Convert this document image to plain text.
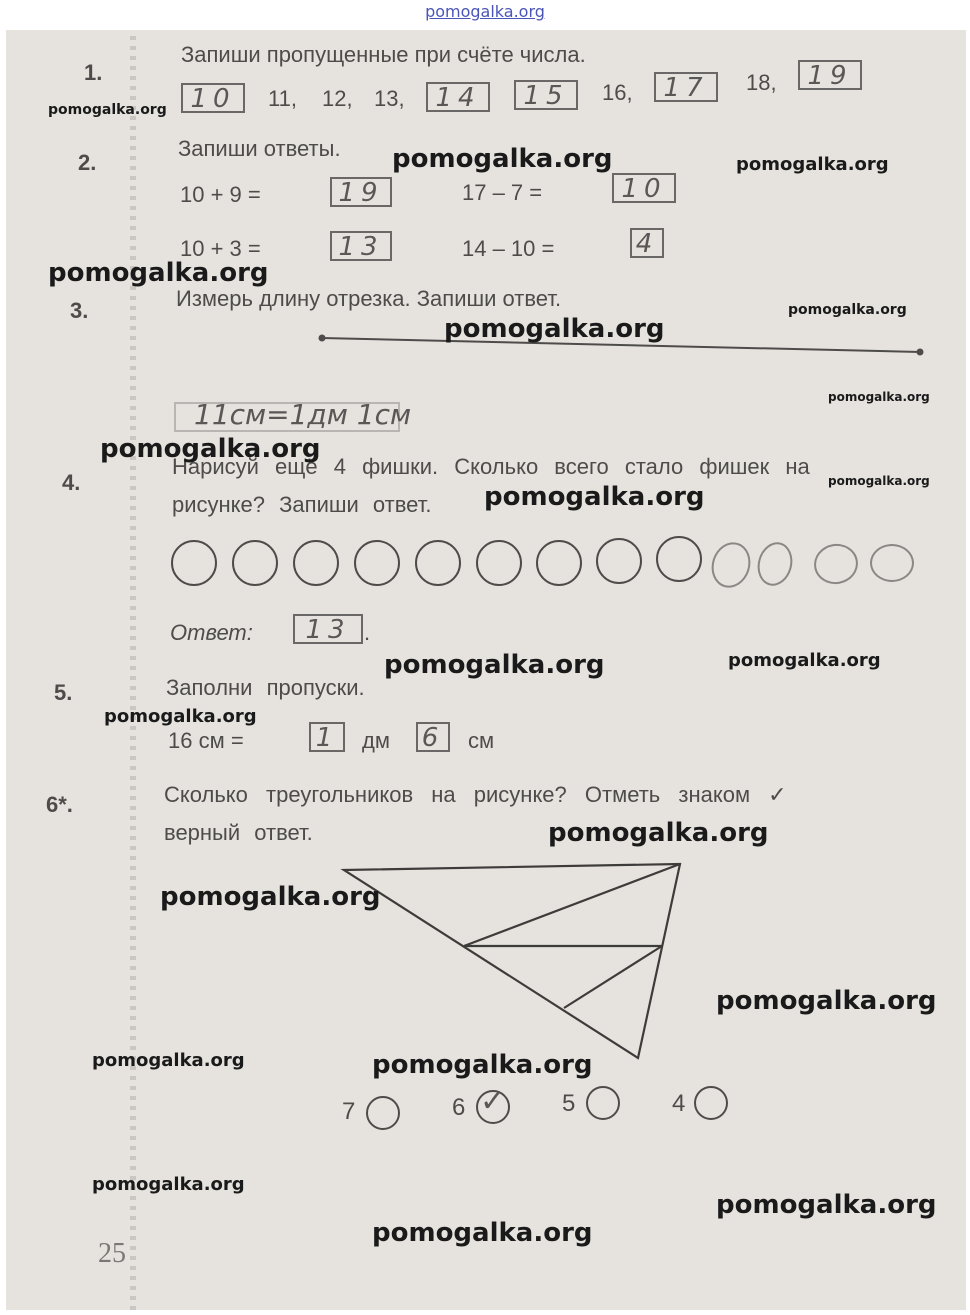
pomogalka.org
1.
Запиши пропущенные при счёте числа.
10	11, 12, 13,	14	15	16,	17	18,	19
2.
Запиши ответы.
10 + 9 =	19	17 – 7 =	10
10 + 3 =	13	14 – 10 =	4
3.	Измерь длину отрезка. Запиши ответ.
11см=1дм 1см
4.
Нарисуй ещё 4 фишки. Сколько всего стало фишек на
рисунке? Запиши ответ.
Ответ:	13 .
5.	Заполни пропуски.
16 см =	1	дм 6 см
6*.	Сколько треугольников на рисунке? Отметь знаком ✓
верный ответ.
7	6 ✓ 5	4
25
pomogalka.org
pomogalka.org	pomogalka.org
pomogalka.org
pomogalka.org
pomogalka.org
pomogalka.org
pomogalka.org
pomogalka.org
pomogalka.org
pomogalka.org	pomogalka.org
pomogalka.org
pomogalka.org
pomogalka.org
pomogalka.org
pomogalka.org	pomogalka.org
pomogalka.org
pomogalka.org
pomogalka.org
